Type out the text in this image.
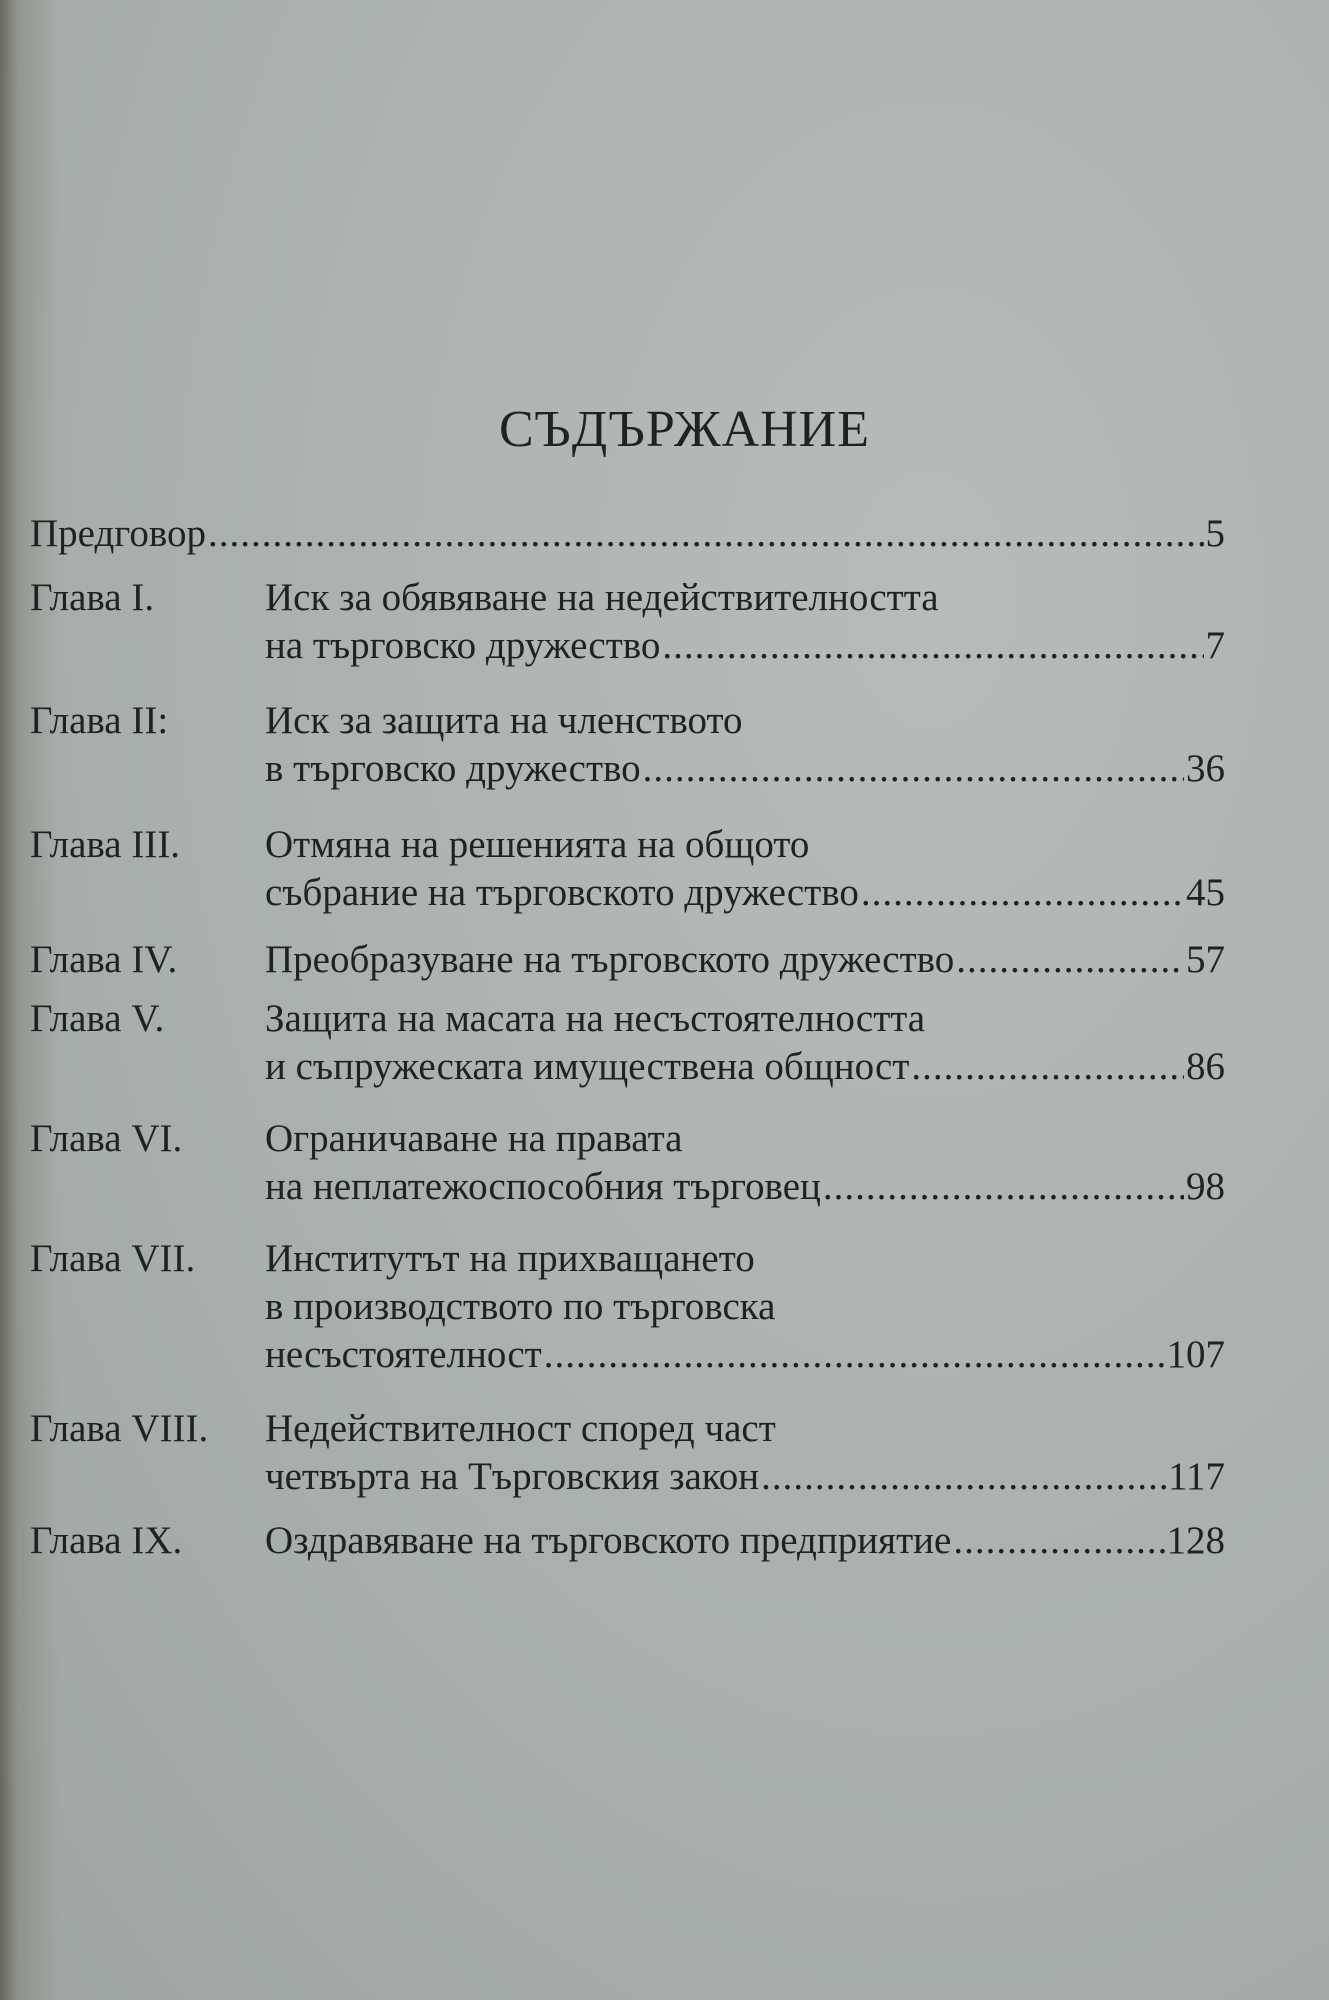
СЪДЪРЖАНИЕ
Предговор .....	5
Глава I.	Иск за обявяване на недействителността
на търговско дружество .....	7
Глава II: Иск за защита на членството
в търговско дружество .....	36
Глава III. Отмяна на решенията на общото
събрание на търговското дружество .....	45
Глава IV. Преобразуване на търговското дружество .....	57
Глава V.	Защита на масата на несъстоятелността
и съпружеската имуществена общност .....	86
Глава VI. Ограничаване на правата
на неплатежоспособния търговец .....	98
Глава VII. Институтът на прихващането
в производството по търговска
несъстоятелност .....	107
Глава VIII. Недействителност според част
четвърта на Търговския закон .....	117
Глава IX. Оздравяване на търговското предприятие .....	128
